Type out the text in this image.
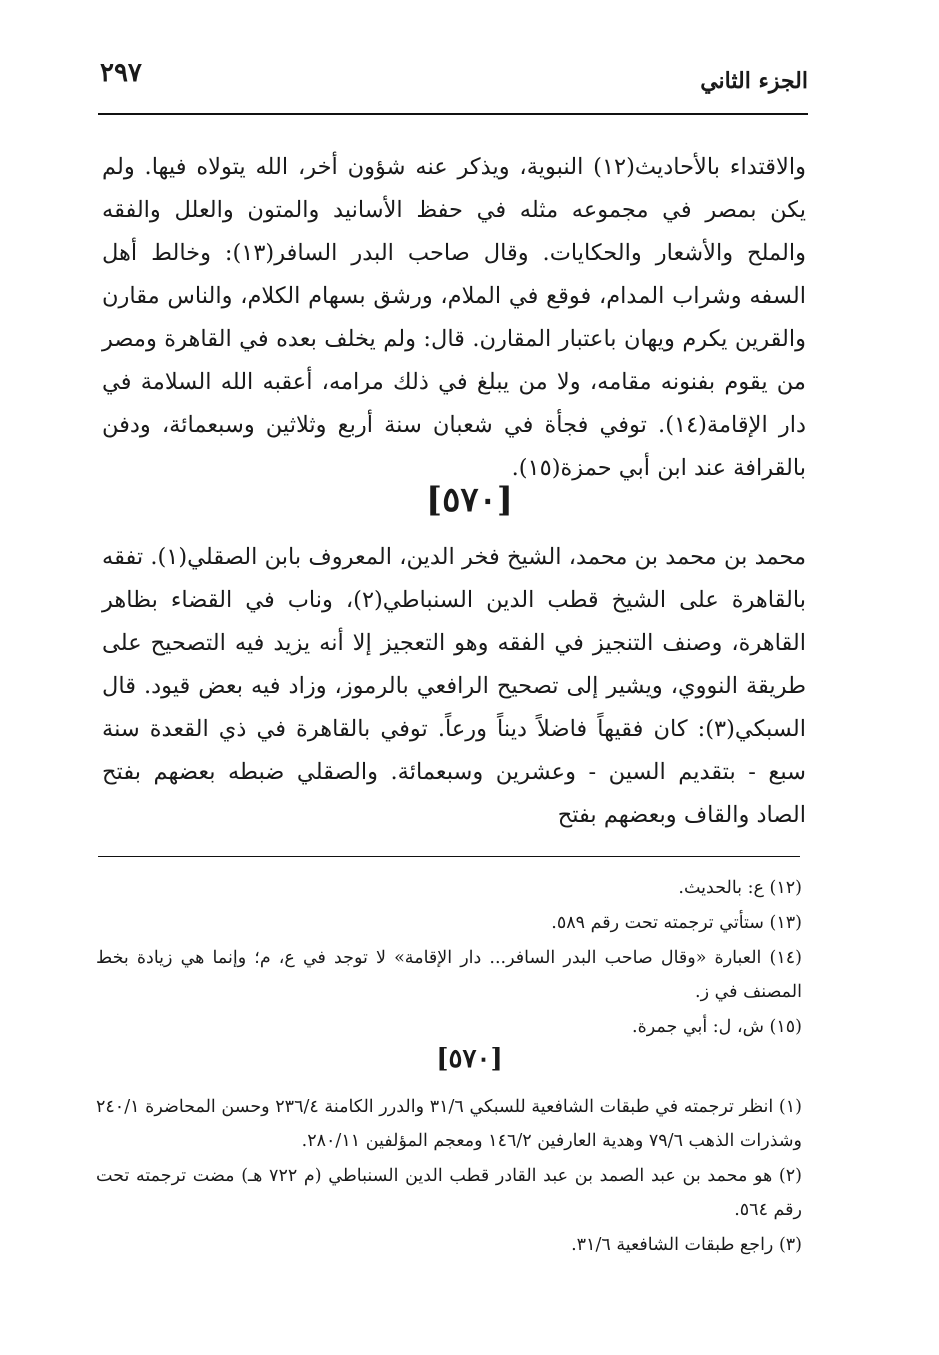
٢٩٧	الجزء الثاني

والاقتداء بالأحاديث(١٢) النبوية، ويذكر عنه شؤون أخر، الله يتولاه فيها. ولم يكن بمصر في مجموعه مثله في حفظ الأسانيد والمتون والعلل والفقه والملح والأشعار والحكايات. وقال صاحب البدر السافر(١٣): وخالط أهل السفه وشراب المدام، فوقع في الملام، ورشق بسهام الكلام، والناس مقارن والقرين يكرم ويهان باعتبار المقارن. قال: ولم يخلف بعده في القاهرة ومصر من يقوم بفنونه مقامه، ولا من يبلغ في ذلك مرامه، أعقبه الله السلامة في دار الإقامة(١٤). توفي فجأة في شعبان سنة أربع وثلاثين وسبعمائة، ودفن بالقرافة عند ابن أبي حمزة(١٥).

[٥٧٠]

محمد بن محمد بن محمد، الشيخ فخر الدين، المعروف بابن الصقلي(١). تفقه بالقاهرة على الشيخ قطب الدين السنباطي(٢)، وناب في القضاء بظاهر القاهرة، وصنف التنجيز في الفقه وهو التعجيز إلا أنه يزيد فيه التصحيح على طريقة النووي، ويشير إلى تصحيح الرافعي بالرموز، وزاد فيه بعض قيود. قال السبكي(٣): كان فقيهاً فاضلاً ديناً ورعاً. توفي بالقاهرة في ذي القعدة سنة سبع - بتقديم السين - وعشرين وسبعمائة. والصقلي ضبطه بعضهم بفتح الصاد والقاف وبعضهم بفتح

(١٢) ع: بالحديث.

(١٣) ستأتي ترجمته تحت رقم ٥٨٩.

(١٤) العبارة «وقال صاحب البدر السافر... دار الإقامة» لا توجد في ع، م؛ وإنما هي زيادة بخط المصنف في ز.

(١٥) ش، ل: أبي جمرة.

[٥٧٠]

(١) انظر ترجمته في طبقات الشافعية للسبكي ٣١/٦ والدرر الكامنة ٢٣٦/٤ وحسن المحاضرة ٢٤٠/١ وشذرات الذهب ٧٩/٦ وهدية العارفين ١٤٦/٢ ومعجم المؤلفين ٢٨٠/١١.

(٢) هو محمد بن عبد الصمد بن عبد القادر قطب الدين السنباطي (م ٧٢٢ هـ) مضت ترجمته تحت رقم ٥٦٤.

(٣) راجع طبقات الشافعية ٣١/٦.
